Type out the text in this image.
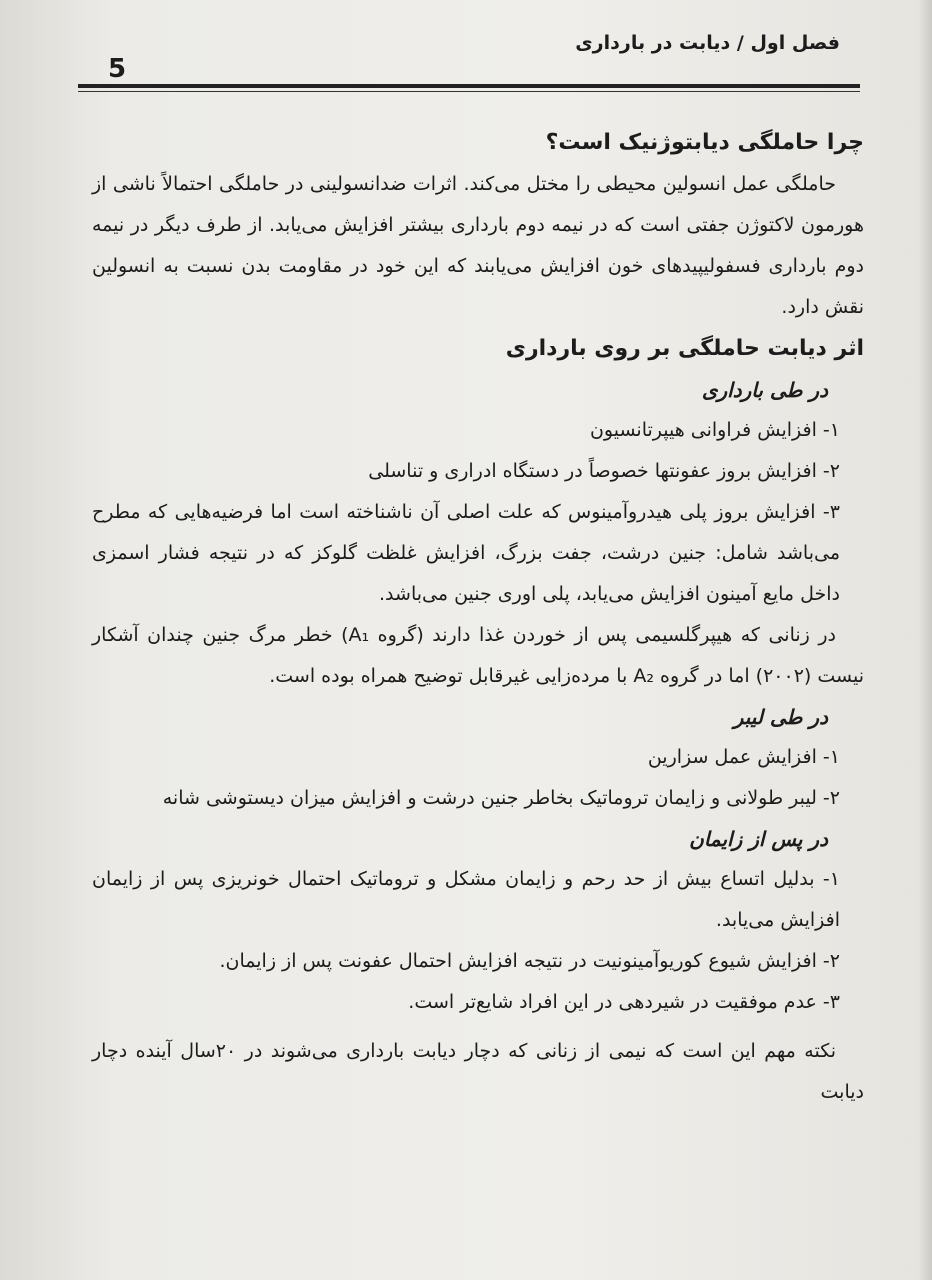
فصل اول / دیابت در بارداری
5

چرا حاملگی دیابتوژنیک است؟

حاملگی عمل انسولین محیطی را مختل می‌کند. اثرات ضدانسولینی در حاملگی احتمالاً ناشی از هورمون لاکتوژن جفتی است که در نیمه دوم بارداری بیشتر افزایش می‌یابد. از طرف دیگر در نیمه دوم بارداری فسفولیپیدهای خون افزایش می‌یابند که این خود در مقاومت بدن نسبت به انسولین نقش دارد.

اثر دیابت حاملگی بر روی بارداری

در طی بارداری

۱- افزایش فراوانی هیپرتانسیون

۲- افزایش بروز عفونتها خصوصاً در دستگاه ادراری و تناسلی

۳- افزایش بروز پلی هیدروآمینوس که علت اصلی آن ناشناخته است اما فرضیه‌هایی که مطرح می‌باشد شامل: جنین درشت، جفت بزرگ، افزایش غلظت گلوکز که در نتیجه فشار اسمزی داخل مایع آمینون افزایش می‌یابد، پلی اوری جنین می‌باشد.

در زنانی که هیپرگلسیمی پس از خوردن غذا دارند (گروه A₁) خطر مرگ جنین چندان آشکار نیست (۲۰۰۲) اما در گروه A₂ با مرده‌زایی غیرقابل توضیح همراه بوده است.

در طی لیبر

۱- افزایش عمل سزارین

۲- لیبر طولانی و زایمان تروماتیک بخاطر جنین درشت و افزایش میزان دیستوشی شانه

در پس از زایمان

۱- بدلیل اتساع بیش از حد رحم و زایمان مشکل و تروماتیک احتمال خونریزی پس از زایمان افزایش می‌یابد.

۲- افزایش شیوع کوریوآمینونیت در نتیجه افزایش احتمال عفونت پس از زایمان.

۳- عدم موفقیت در شیردهی در این افراد شایع‌تر است.

نکته مهم این است که نیمی از زنانی که دچار دیابت بارداری می‌شوند در ۲۰سال آینده دچار دیابت
